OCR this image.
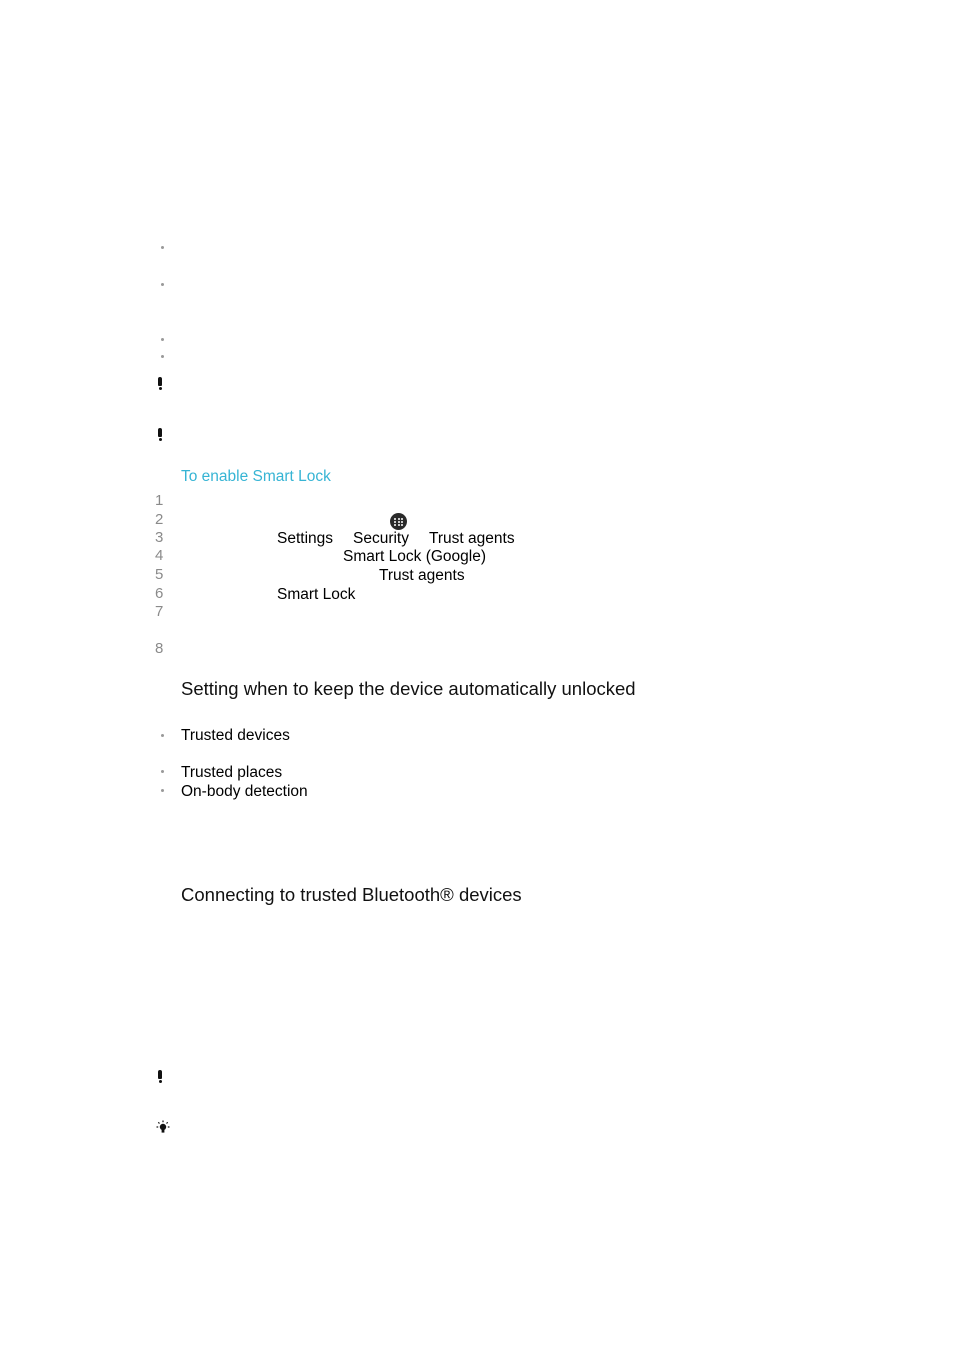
To enable Smart Lock
1
2
3
4
5
6
7
8
Settings Security Trust agents
Smart Lock (Google)
Trust agents
Smart Lock
Setting when to keep the device automatically unlocked
Trusted devices
Trusted places
On-body detection
Connecting to trusted Bluetooth® devices
